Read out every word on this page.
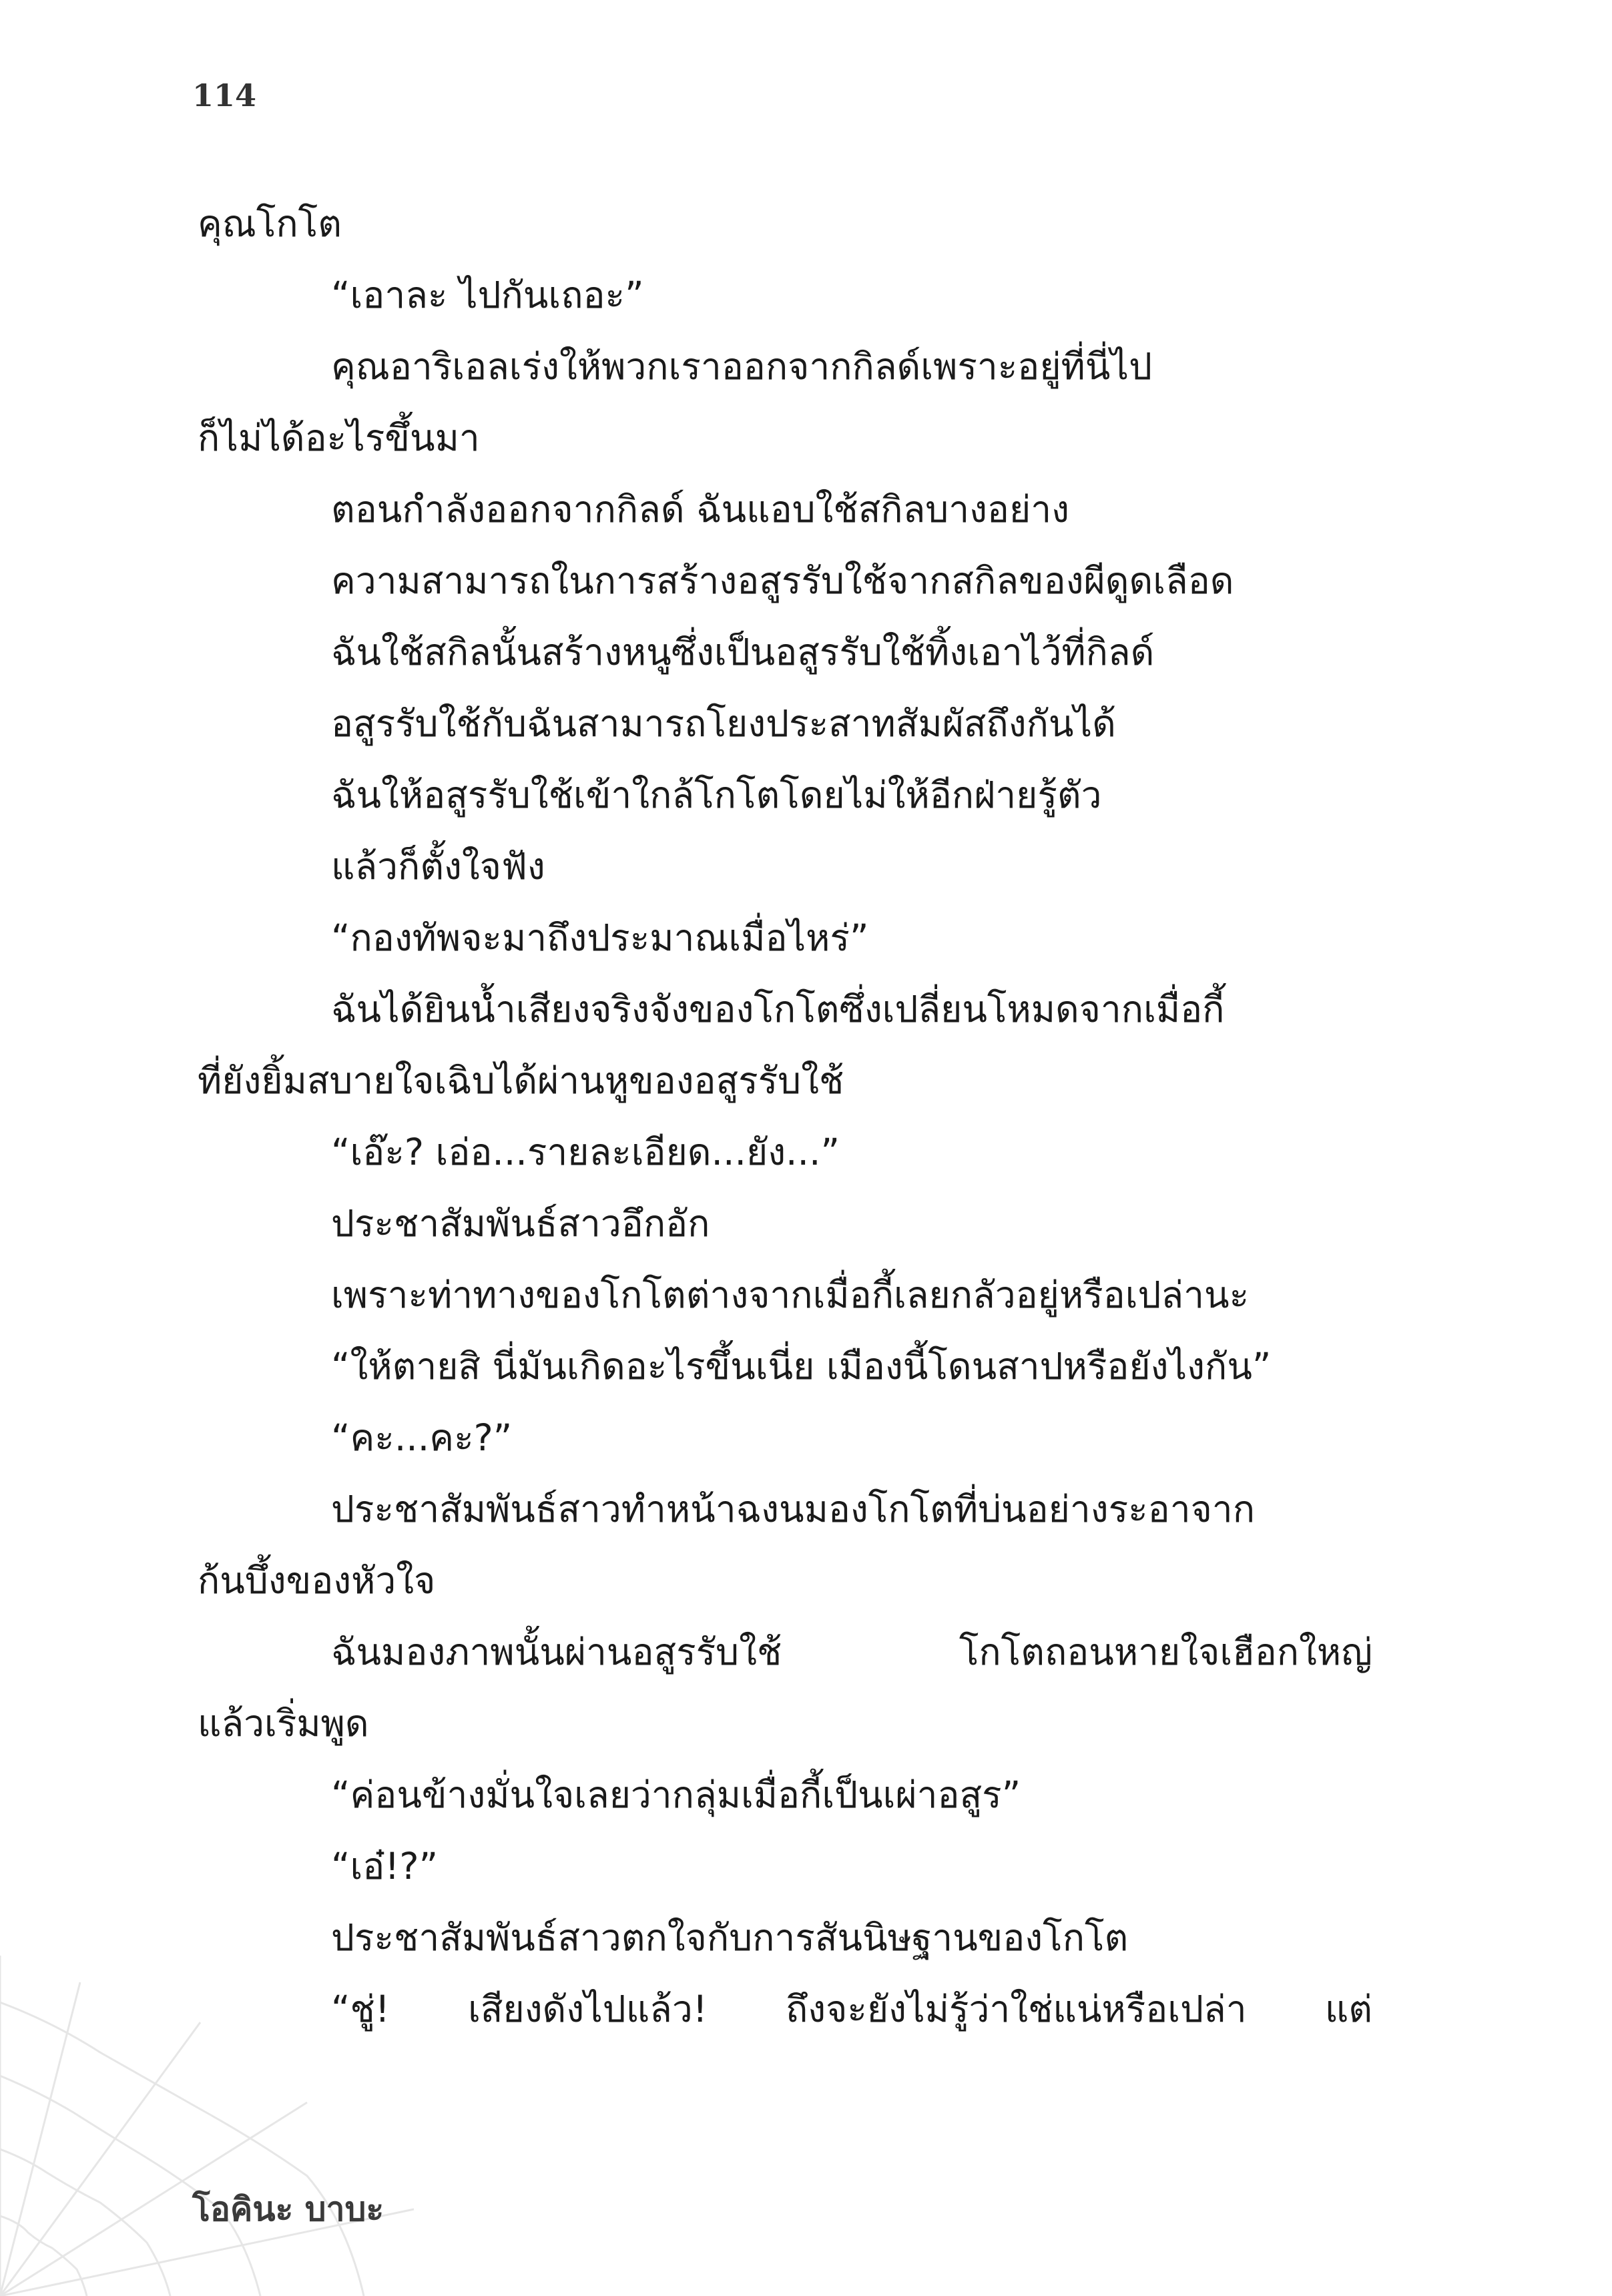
114
คุณโกโต
“เอาละ ไปกันเถอะ”
คุณอาริเอลเร่งให้พวกเราออกจากกิลด์เพราะอยู่ที่นี่ไป
ก็ไม่ได้อะไรขึ้นมา
ตอนกำลังออกจากกิลด์ ฉันแอบใช้สกิลบางอย่าง
ความสามารถในการสร้างอสูรรับใช้จากสกิลของผีดูดเลือด
ฉันใช้สกิลนั้นสร้างหนูซึ่งเป็นอสูรรับใช้ทิ้งเอาไว้ที่กิลด์
อสูรรับใช้กับฉันสามารถโยงประสาทสัมผัสถึงกันได้
ฉันให้อสูรรับใช้เข้าใกล้โกโตโดยไม่ให้อีกฝ่ายรู้ตัว
แล้วก็ตั้งใจฟัง
“กองทัพจะมาถึงประมาณเมื่อไหร่”
ฉันได้ยินน้ำเสียงจริงจังของโกโตซึ่งเปลี่ยนโหมดจากเมื่อกี้
ที่ยังยิ้มสบายใจเฉิบได้ผ่านหูของอสูรรับใช้
“เอ๊ะ? เอ่อ...รายละเอียด...ยัง...”
ประชาสัมพันธ์สาวอึกอัก
เพราะท่าทางของโกโตต่างจากเมื่อกี้เลยกลัวอยู่หรือเปล่านะ
“ให้ตายสิ นี่มันเกิดอะไรขึ้นเนี่ย เมืองนี้โดนสาปหรือยังไงกัน”
“คะ...คะ?”
ประชาสัมพันธ์สาวทำหน้าฉงนมองโกโตที่บ่นอย่างระอาจาก
ก้นบึ้งของหัวใจ
ฉันมองภาพนั้นผ่านอสูรรับใช้ โกโตถอนหายใจเฮือกใหญ่
แล้วเริ่มพูด
“ค่อนข้างมั่นใจเลยว่ากลุ่มเมื่อกี้เป็นเผ่าอสูร”
“เอ๋!?”
ประชาสัมพันธ์สาวตกใจกับการสันนิษฐานของโกโต
“ชู่! เสียงดังไปแล้ว! ถึงจะยังไม่รู้ว่าใช่แน่หรือเปล่า แต่
โอคินะ บาบะ
